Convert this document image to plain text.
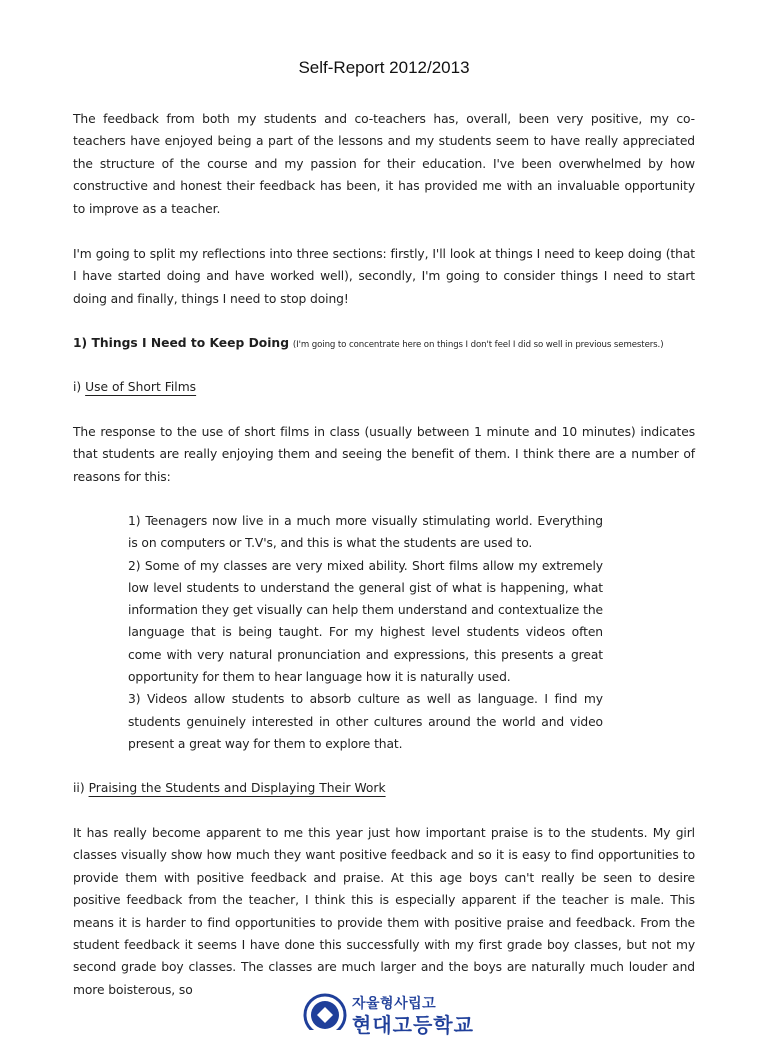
Self-Report 2012/2013

The feedback from both my students and co-teachers has, overall, been very positive, my co-teachers have enjoyed being a part of the lessons and my students seem to have really appreciated the structure of the course and my passion for their education. I've been overwhelmed by how constructive and honest their feedback has been, it has provided me with an invaluable opportunity to improve as a teacher.

I'm going to split my reflections into three sections: firstly, I'll look at things I need to keep doing (that I have started doing and have worked well), secondly, I'm going to consider things I need to start doing and finally, things I need to stop doing!

1) Things I Need to Keep Doing (I'm going to concentrate here on things I don't feel I did so well in previous semesters.)
i) Use of Short Films

The response to the use of short films in class (usually between 1 minute and 10 minutes) indicates that students are really enjoying them and seeing the benefit of them. I think there are a number of reasons for this:

1) Teenagers now live in a much more visually stimulating world. Everything is on computers or T.V's, and this is what the students are used to.
2) Some of my classes are very mixed ability. Short films allow my extremely low level students to understand the general gist of what is happening, what information they get visually can help them understand and contextualize the language that is being taught. For my highest level students videos often come with very natural pronunciation and expressions, this presents a great opportunity for them to hear language how it is naturally used.
3) Videos allow students to absorb culture as well as language. I find my students genuinely interested in other cultures around the world and video present a great way for them to explore that.
ii) Praising the Students and Displaying Their Work

It has really become apparent to me this year just how important praise is to the students. My girl classes visually show how much they want positive feedback and so it is easy to find opportunities to provide them with positive feedback and praise. At this age boys can't really be seen to desire positive feedback from the teacher, I think this is especially apparent if the teacher is male. This means it is harder to find opportunities to provide them with positive praise and feedback. From the student feedback it seems I have done this successfully with my first grade boy classes, but not my second grade boy classes. The classes are much larger and the boys are naturally much louder and more boisterous, so

자율형사립고
현대고등학교
